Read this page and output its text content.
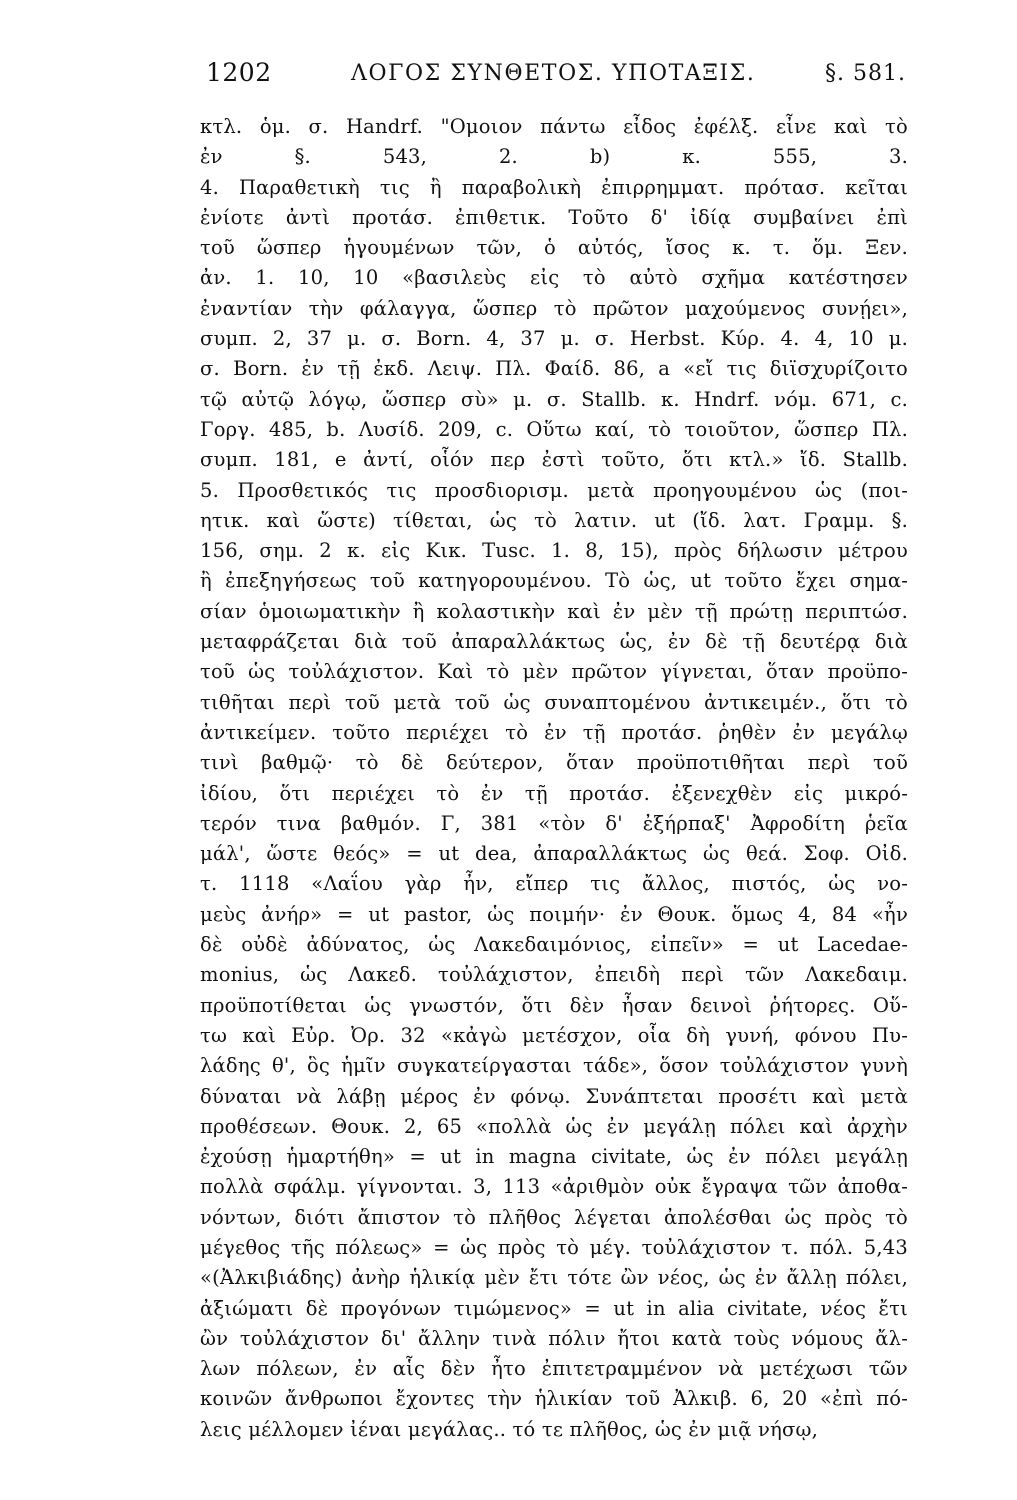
1202	ΛΟΓΟΣ ΣΥΝΘΕΤΟΣ. ΥΠΟΤΑΞΙΣ.	§. 581.
κτλ. ὁμ. σ. Handrf. "Ομοιον πάντω εἶδος ἐφέλξ. εἶνε καὶ τὸ
ἐν §. 543, 2. b) κ. 555, 3.
4. Παραθετικὴ τις ἢ παραβολικὴ ἐπιρρημματ. πρότασ. κεῖται
ἐνίοτε ἀντὶ προτάσ. ἐπιθετικ. Τοῦτο δ' ἰδίᾳ συμβαίνει ἐπὶ
τοῦ ὥσπερ ἡγουμένων τῶν, ὁ αὐτός, ἴσος κ. τ. ὅμ. Ξεν.
ἀν. 1. 10, 10 «βασιλεὺς εἰς τὸ αὐτὸ σχῆμα κατέστησεν
ἐναντίαν τὴν φάλαγγα, ὥσπερ τὸ πρῶτον μαχούμενος συνῄει»,
συμπ. 2, 37 μ. σ. Born. 4, 37 μ. σ. Herbst. Κύρ. 4. 4, 10 μ.
σ. Born. ἐν τῇ ἐκδ. Λειψ. Πλ. Φαίδ. 86, a «εἴ τις διϊσχυρίζοιτο
τῷ αὐτῷ λόγῳ, ὥσπερ σὺ» μ. σ. Stallb. κ. Hndrf. νόμ. 671, c.
Γοργ. 485, b. Λυσίδ. 209, c. Οὕτω καί, τὸ τοιοῦτον, ὥσπερ Πλ.
συμπ. 181, e ἀντί, οἷόν περ ἐστὶ τοῦτο, ὅτι κτλ.» ἴδ. Stallb.
5. Προσθετικός τις προσδιορισμ. μετὰ προηγουμένου ὡς (ποι-
ητικ. καὶ ὥστε) τίθεται, ὡς τὸ λατιν. ut (ἴδ. λατ. Γραμμ. §.
156, σημ. 2 κ. εἰς Κικ. Tusc. 1. 8, 15), πρὸς δήλωσιν μέτρου
ἢ ἐπεξηγήσεως τοῦ κατηγορουμένου. Τὸ ὡς, ut τοῦτο ἔχει σημα-
σίαν ὁμοιωματικὴν ἢ κολαστικὴν καὶ ἐν μὲν τῇ πρώτῃ περιπτώσ.
μεταφράζεται διὰ τοῦ ἀπαραλλάκτως ὡς, ἐν δὲ τῇ δευτέρᾳ διὰ
τοῦ ὡς τοὐλάχιστον. Καὶ τὸ μὲν πρῶτον γίγνεται, ὅταν προϋπο-
τιθῆται περὶ τοῦ μετὰ τοῦ ὡς συναπτομένου ἀντικειμέν., ὅτι τὸ
ἀντικείμεν. τοῦτο περιέχει τὸ ἐν τῇ προτάσ. ῥηθὲν ἐν μεγάλῳ
τινὶ βαθμῷ· τὸ δὲ δεύτερον, ὅταν προϋποτιθῆται περὶ τοῦ
ἰδίου, ὅτι περιέχει τὸ ἐν τῇ προτάσ. ἐξενεχθὲν εἰς μικρό-
τερόν τινα βαθμόν. Γ, 381 «τὸν δ' ἐξήρπαξ' Ἀφροδίτη ῥεῖα
μάλ', ὥστε θεός» = ut dea, ἀπαραλλάκτως ὡς θεά. Σοφ. Οἰδ.
τ. 1118 «Λαΐου γὰρ ἦν, εἴπερ τις ἄλλος, πιστός, ὡς νο-
μεὺς ἀνήρ» = ut pastor, ὡς ποιμήν· ἐν Θουκ. ὅμως 4, 84 «ἦν
δὲ οὐδὲ ἀδύνατος, ὡς Λακεδαιμόνιος, εἰπεῖν» = ut Lacedae-
monius, ὡς Λακεδ. τοὐλάχιστον, ἐπειδὴ περὶ τῶν Λακεδαιμ.
προϋποτίθεται ὡς γνωστόν, ὅτι δὲν ἦσαν δεινοὶ ῥήτορες. Οὕ-
τω καὶ Εὐρ. Ὀρ. 32 «κἀγὼ μετέσχον, οἷα δὴ γυνή, φόνου Πυ-
λάδης θ', ὃς ἡμῖν συγκατείργασται τάδε», ὅσον τοὐλάχιστον γυνὴ
δύναται νὰ λάβῃ μέρος ἐν φόνῳ. Συνάπτεται προσέτι καὶ μετὰ
προθέσεων. Θουκ. 2, 65 «πολλὰ ὡς ἐν μεγάλῃ πόλει καὶ ἀρχὴν
ἐχούσῃ ἡμαρτήθη» = ut in magna civitate, ὡς ἐν πόλει μεγάλῃ
πολλὰ σφάλμ. γίγνονται. 3, 113 «ἀριθμὸν οὐκ ἔγραψα τῶν ἀποθα-
νόντων, διότι ἄπιστον τὸ πλῆθος λέγεται ἀπολέσθαι ὡς πρὸς τὸ
μέγεθος τῆς πόλεως» = ὡς πρὸς τὸ μέγ. τοὐλάχιστον τ. πόλ. 5,43
«(Ἀλκιβιάδης) ἀνὴρ ἡλικίᾳ μὲν ἔτι τότε ὢν νέος, ὡς ἐν ἄλλῃ πόλει,
ἀξιώματι δὲ προγόνων τιμώμενος» = ut in alia civitate, νέος ἔτι
ὢν τοὐλάχιστον δι' ἄλλην τινὰ πόλιν ἤτοι κατὰ τοὺς νόμους ἄλ-
λων πόλεων, ἐν αἷς δὲν ἦτο ἐπιτετραμμένον νὰ μετέχωσι τῶν
κοινῶν ἄνθρωποι ἔχοντες τὴν ἡλικίαν τοῦ Ἀλκιβ. 6, 20 «ἐπὶ πό-
λεις μέλλομεν ἰέναι μεγάλας.. τό τε πλῆθος, ὡς ἐν μιᾷ νήσῳ,
